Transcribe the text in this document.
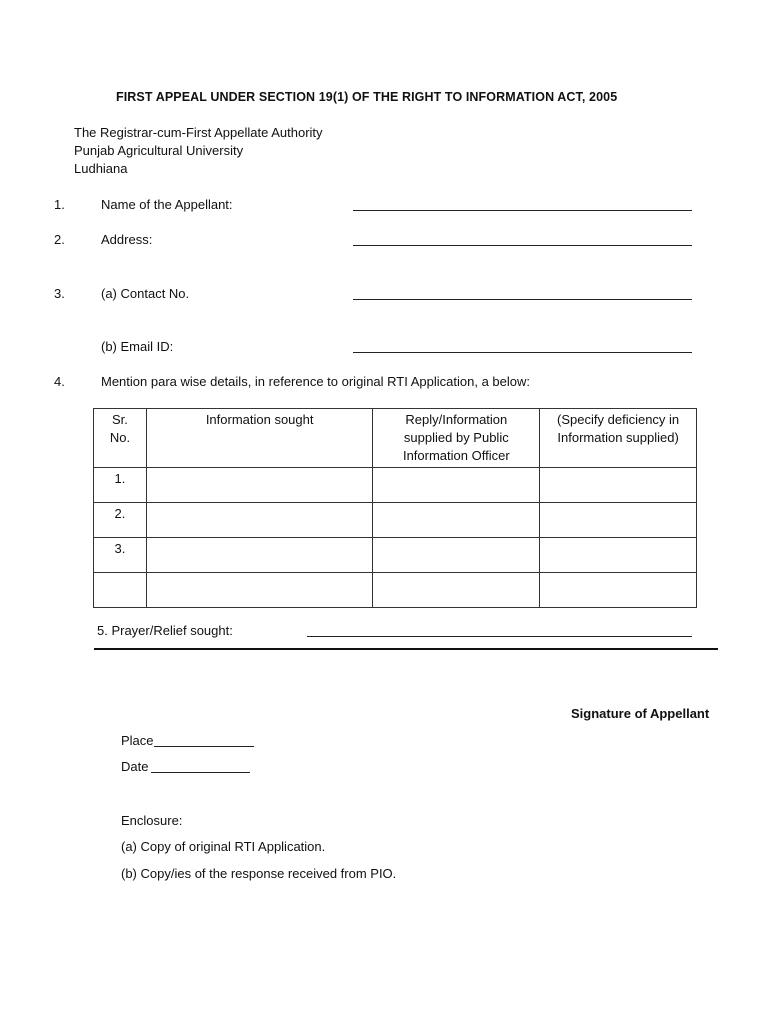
FIRST APPEAL UNDER SECTION 19(1) OF THE RIGHT TO INFORMATION ACT, 2005
The Registrar-cum-First Appellate Authority
Punjab Agricultural University
Ludhiana
1.	Name of the Appellant:
2.	Address:
3.	(a) Contact No.
(b) Email ID:
4.	Mention para wise details, in reference to original RTI Application, a below:
Sr.
No.	Information sought	Reply/Information
supplied by Public
Information Officer	(Specify deficiency in
Information supplied)
1.			
2.			
3.			

5. Prayer/Relief sought:
Signature of Appellant
Place
Date
Enclosure:
(a) Copy of original RTI Application.
(b) Copy/ies of the response received from PIO.
